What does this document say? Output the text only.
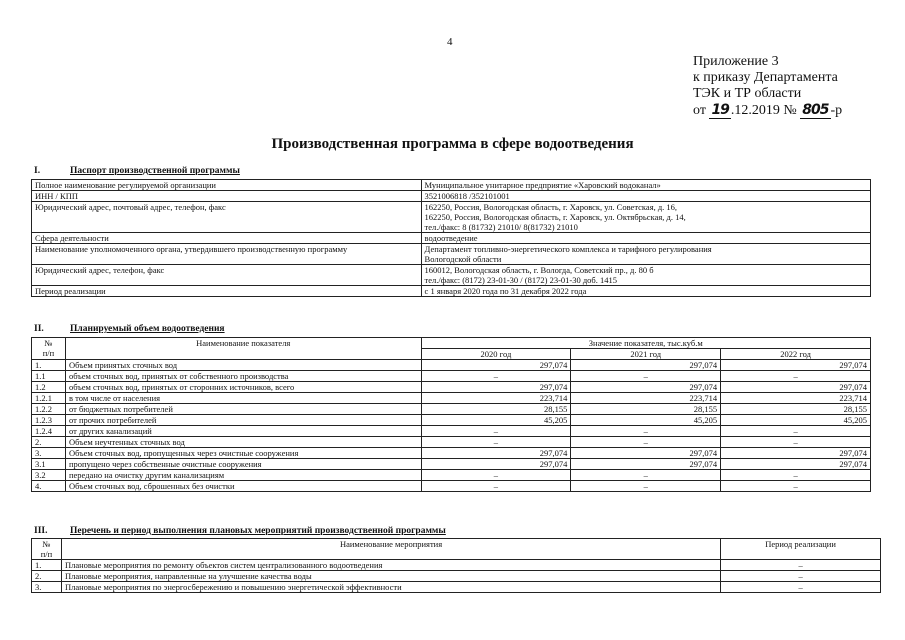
4
Приложение 3
к приказу Департамента
ТЭК и ТР области
от 19 .12.2019 № 805 -р
Производственная программа в сфере водоотведения
I.	Паспорт производственной программы
Полное наименование регулируемой организации	Муниципальное унитарное предприятие «Харовский водоканал»
ИНН / КПП	3521006818 /352101001
Юридический адрес, почтовый адрес, телефон, факс	162250, Россия, Вологодская область, г. Харовск, ул. Советская, д. 16,
162250, Россия, Вологодская область, г. Харовск, ул. Октябрьская, д. 14,
тел./факс: 8 (81732) 21010/ 8(81732) 21010
Сфера деятельности	водоотведение
Наименование уполномоченного органа, утвердившего производственную программу	Департамент топливно-энергетического комплекса и тарифного регулирования
Вологодской области
Юридический адрес, телефон, факс	160012, Вологодская область, г. Вологда, Советский пр., д. 80 б
тел./факс: (8172) 23-01-30 / (8172) 23-01-30 доб. 1415
Период реализации	с 1 января 2020 года по 31 декабря 2022 года
II.	Планируемый объем водоотведения
№
п/п	Наименование показателя	Значение показателя, тыс.куб.м		
		2020 год	2021 год	2022 год
1.	Объем принятых сточных вод	297,074	297,074	297,074
1.1	объем сточных вод, принятых от собственного производства	–	–	–
1.2	объем сточных вод, принятых от сторонних источников, всего	297,074	297,074	297,074
1.2.1	в том числе от населения	223,714	223,714	223,714
1.2.2	от бюджетных потребителей	28,155	28,155	28,155
1.2.3	от прочих потребителей	45,205	45,205	45,205
1.2.4	от других канализаций	–	–	–
2.	Объем неучтенных сточных вод	–	–	–
3.	Объем сточных вод, пропущенных через очистные сооружения	297,074	297,074	297,074
3.1	пропущено через собственные очистные сооружения	297,074	297,074	297,074
3.2	передано на очистку другим канализациям	–	–	–
4.	Объем сточных вод, сброшенных без очистки	–	–	–
III. Перечень и период выполнения плановых мероприятий производственной программы
№
п/п	Наименование мероприятия	Период реализации
1.	Плановые мероприятия по ремонту объектов систем централизованного водоотведения	–
2.	Плановые мероприятия, направленные на улучшение качества воды	–
3.	Плановые мероприятия по энергосбережению и повышению энергетической эффективности	–
